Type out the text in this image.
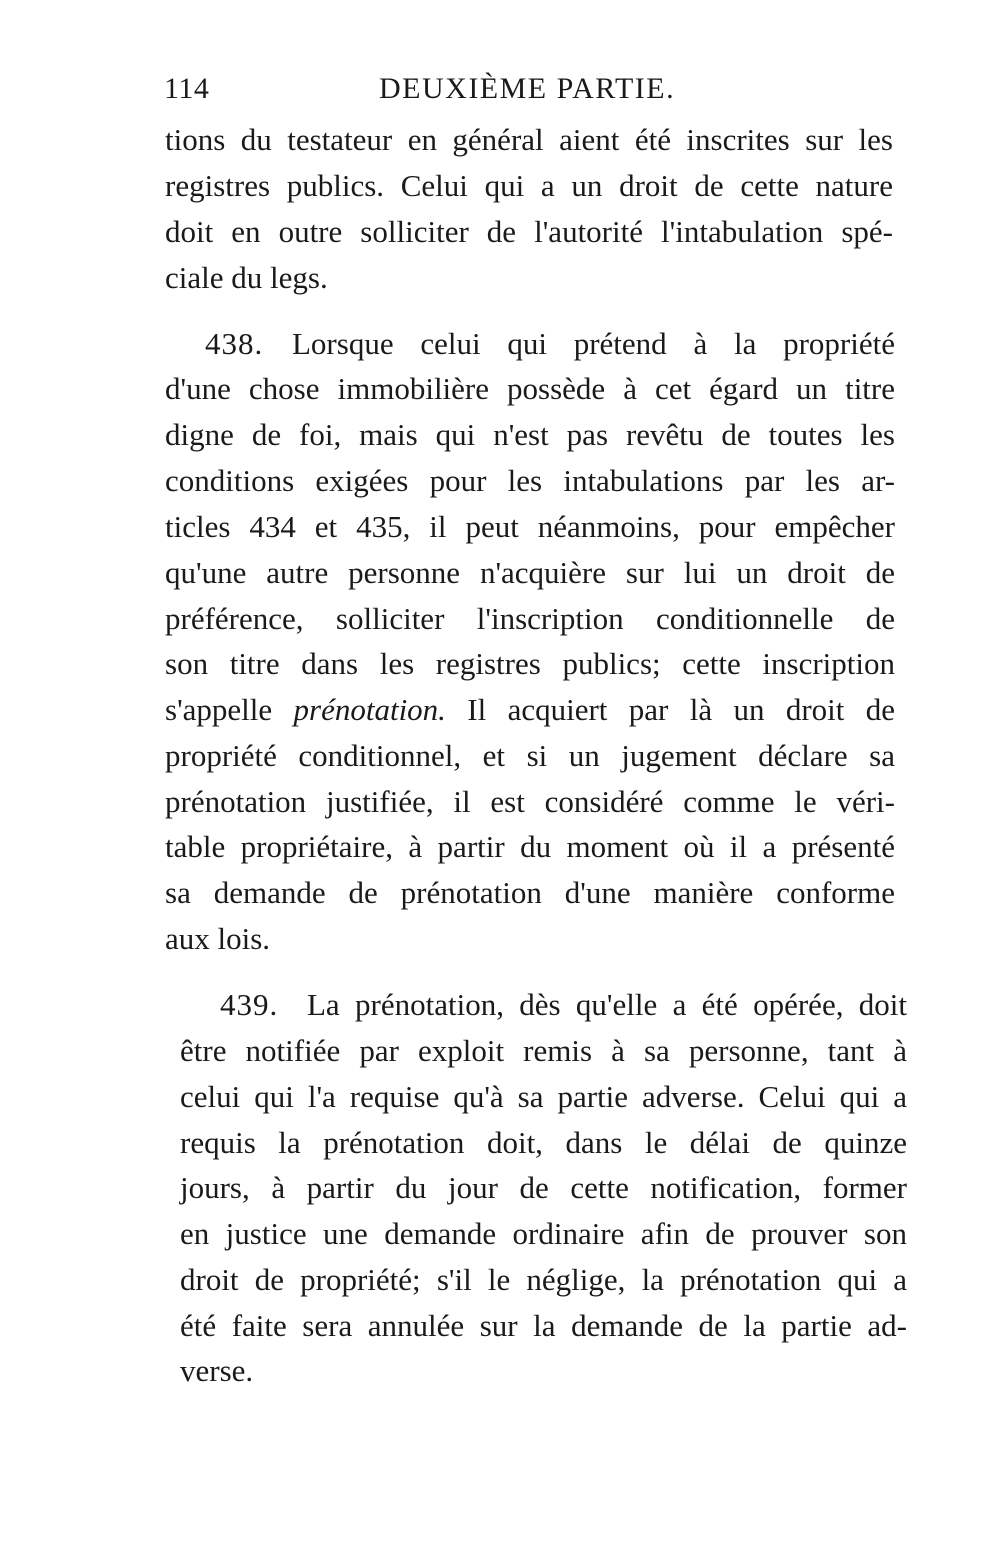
114	DEUXIÈME PARTIE.
tions du testateur en général aient été inscrites sur les
registres publics. Celui qui a un droit de cette nature
doit en outre solliciter de l'autorité l'intabulation spé-
ciale du legs.
438. Lorsque celui qui prétend à la propriété
d'une chose immobilière possède à cet égard un titre
digne de foi, mais qui n'est pas revêtu de toutes les
conditions exigées pour les intabulations par les ar-
ticles 434 et 435, il peut néanmoins, pour empêcher
qu'une autre personne n'acquière sur lui un droit de
préférence, solliciter l'inscription conditionnelle de
son titre dans les registres publics; cette inscription
s'appelle prénotation. Il acquiert par là un droit de
propriété conditionnel, et si un jugement déclare sa
prénotation justifiée, il est considéré comme le véri-
table propriétaire, à partir du moment où il a présenté
sa demande de prénotation d'une manière conforme
aux lois.
439. La prénotation, dès qu'elle a été opérée, doit
être notifiée par exploit remis à sa personne, tant à
celui qui l'a requise qu'à sa partie adverse. Celui qui a
requis la prénotation doit, dans le délai de quinze
jours, à partir du jour de cette notification, former
en justice une demande ordinaire afin de prouver son
droit de propriété; s'il le néglige, la prénotation qui a
été faite sera annulée sur la demande de la partie ad-
verse.
